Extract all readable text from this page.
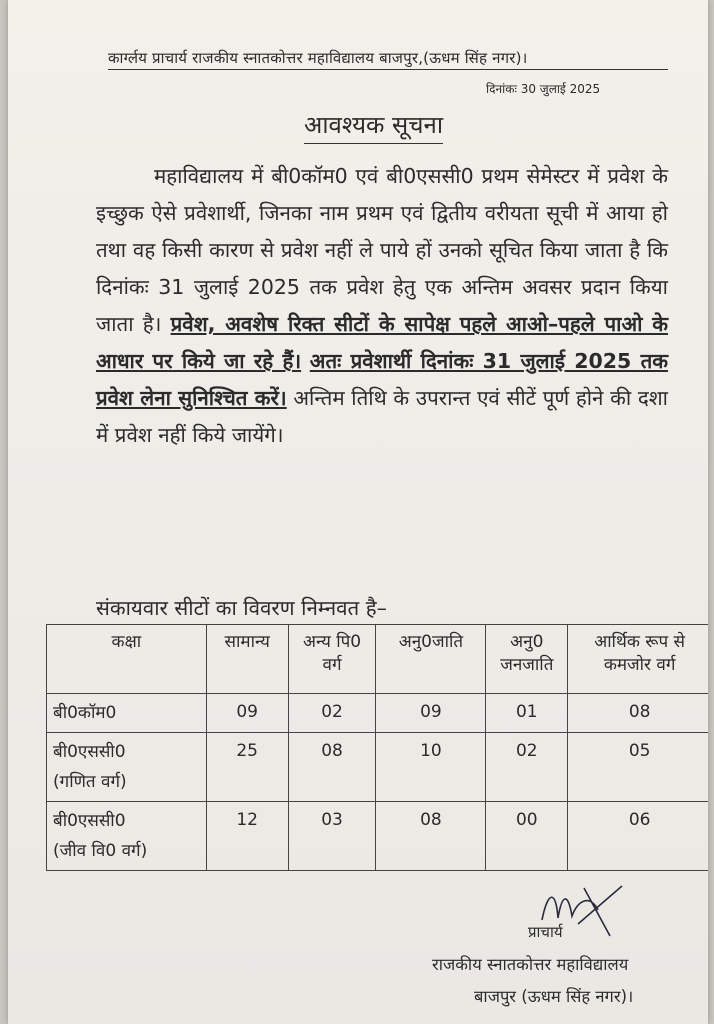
कार्ग्लय प्राचार्य राजकीय स्नातकोत्तर महाविद्यालय बाजपुर,(ऊधम सिंह नगर)।
दिनांकः 30 जुलाई 2025
आवश्यक सूचना
महाविद्यालय में बी0कॉम0 एवं बी0एससी0 प्रथम सेमेस्टर में प्रवेश के इच्छुक ऐसे प्रवेशार्थी, जिनका नाम प्रथम एवं द्वितीय वरीयता सूची में आया हो तथा वह किसी कारण से प्रवेश नहीं ले पाये हों उनको सूचित किया जाता है कि दिनांकः 31 जुलाई 2025 तक प्रवेश हेतु एक अन्तिम अवसर प्रदान किया जाता है। प्रवेश, अवशेष रिक्त सीटों के सापेक्ष पहले आओ–पहले पाओ के आधार पर किये जा रहे हैं। अतः प्रवेशार्थी दिनांकः 31 जुलाई 2025 तक प्रवेश लेना सुनिश्चित करें। अन्तिम तिथि के उपरान्त एवं सीटें पूर्ण होने की दशा में प्रवेश नहीं किये जायेंगे।
संकायवार सीटों का विवरण निम्नवत है–
कक्षा	सामान्य	अन्य पि0 वर्ग	अनु0जाति	अनु0 जनजाति	आर्थिक रूप से कमजोर वर्ग
बी0कॉम0	09	02	09	01	08
बी0एससी0
(गणित वर्ग)	25	08	10	02	05
बी0एससी0
(जीव वि0 वर्ग)	12	03	08	00	06
प्राचार्य
राजकीय स्नातकोत्तर महाविद्यालय
बाजपुर (ऊधम सिंह नगर)।
